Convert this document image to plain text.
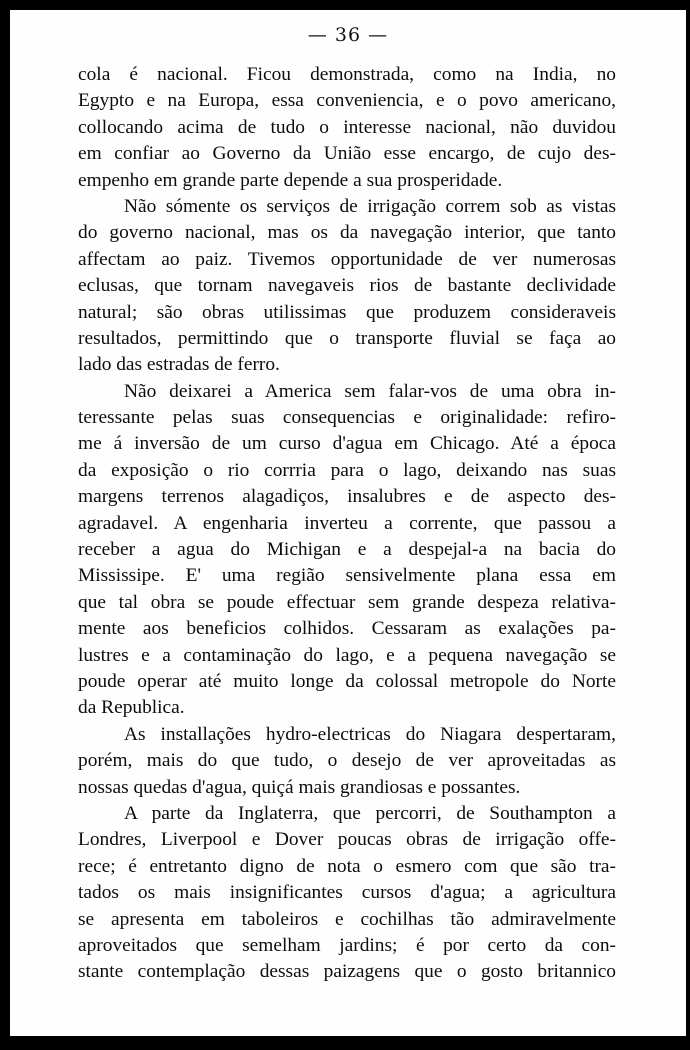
— 36 —
cola é nacional. Ficou demonstrada, como na India, no
Egypto e na Europa, essa conveniencia, e o povo americano,
collocando acima de tudo o interesse nacional, não duvidou
em confiar ao Governo da União esse encargo, de cujo des-
empenho em grande parte depende a sua prosperidade.
Não sómente os serviços de irrigação correm sob as vistas
do governo nacional, mas os da navegação interior, que tanto
affectam ao paiz. Tivemos opportunidade de ver numerosas
eclusas, que tornam navegaveis rios de bastante declividade
natural; são obras utilissimas que produzem consideraveis
resultados, permittindo que o transporte fluvial se faça ao
lado das estradas de ferro.
Não deixarei a America sem falar-vos de uma obra in-
teressante pelas suas consequencias e originalidade: refiro-
me á inversão de um curso d'agua em Chicago. Até a época
da exposição o rio corrria para o lago, deixando nas suas
margens terrenos alagadiços, insalubres e de aspecto des-
agradavel. A engenharia inverteu a corrente, que passou a
receber a agua do Michigan e a despejal-a na bacia do
Mississipe. E' uma região sensivelmente plana essa em
que tal obra se poude effectuar sem grande despeza relativa-
mente aos beneficios colhidos. Cessaram as exalações pa-
lustres e a contaminação do lago, e a pequena navegação se
poude operar até muito longe da colossal metropole do Norte
da Republica.
As installações hydro-electricas do Niagara despertaram,
porém, mais do que tudo, o desejo de ver aproveitadas as
nossas quedas d'agua, quiçá mais grandiosas e possantes.
A parte da Inglaterra, que percorri, de Southampton a
Londres, Liverpool e Dover poucas obras de irrigação offe-
rece; é entretanto digno de nota o esmero com que são tra-
tados os mais insignificantes cursos d'agua; a agricultura
se apresenta em taboleiros e cochilhas tão admiravelmente
aproveitados que semelham jardins; é por certo da con-
stante contemplação dessas paizagens que o gosto britannico
